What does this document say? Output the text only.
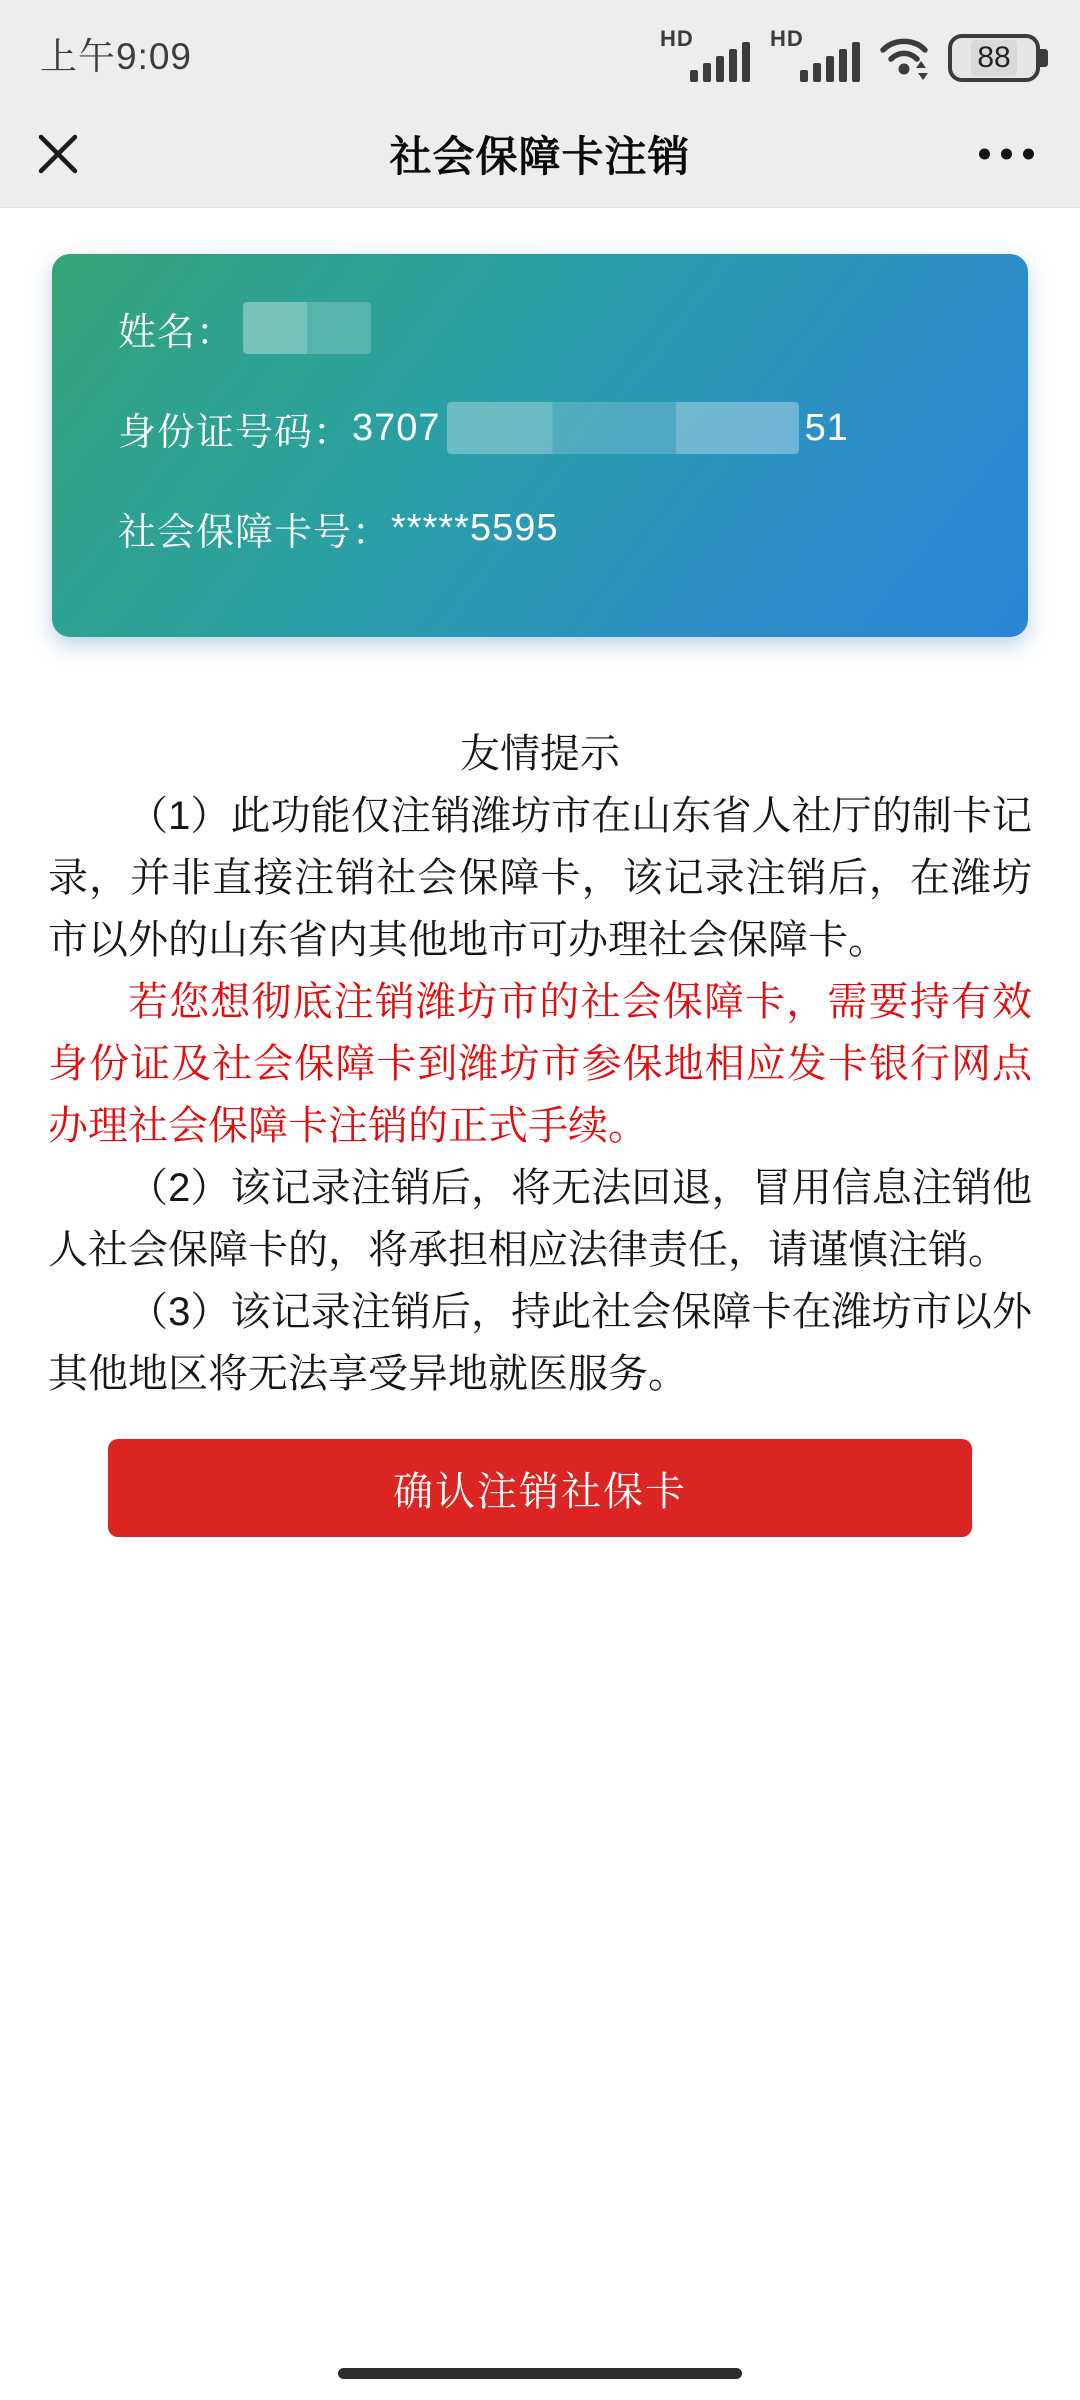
上午9:09	HD	HD
88
社会保障卡注销
姓名：
身份证号码： 3707	51
社会保障卡号： *****5595
友情提示

（1）此功能仅注销潍坊市在山东省人社厅的制卡记录，并非直接注销社会保障卡，该记录注销后，在潍坊市以外的山东省内其他地市可办理社会保障卡。

若您想彻底注销潍坊市的社会保障卡，需要持有效身份证及社会保障卡到潍坊市参保地相应发卡银行网点办理社会保障卡注销的正式手续。

（2）该记录注销后，将无法回退，冒用信息注销他人社会保障卡的，将承担相应法律责任，请谨慎注销。

（3）该记录注销后，持此社会保障卡在潍坊市以外其他地区将无法享受异地就医服务。

确认注销社保卡
